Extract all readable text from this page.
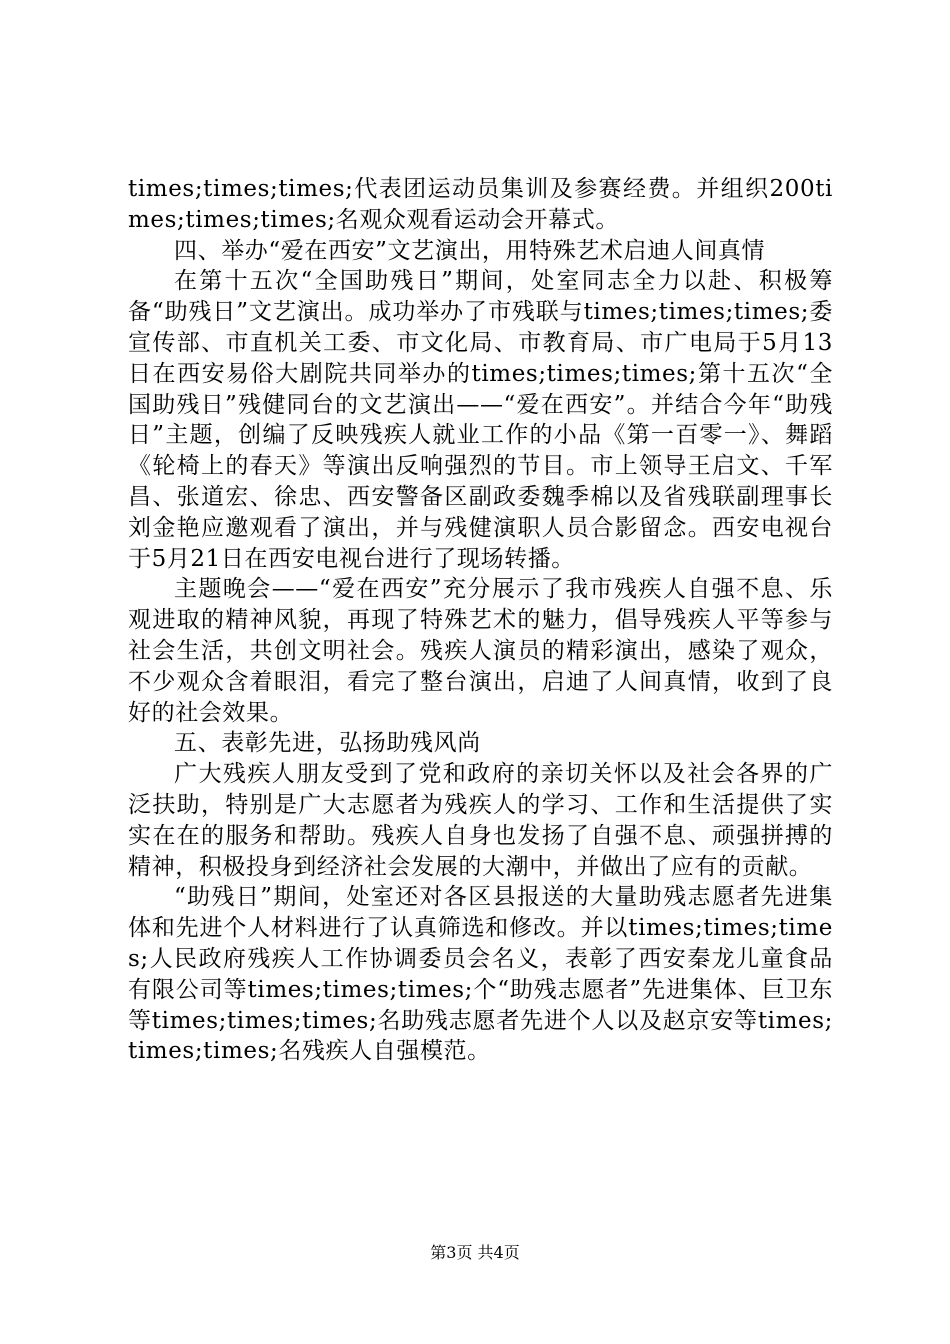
times;times;times;代表团运动员集训及参赛经费。并组织200times;times;times;名观众观看运动会开幕式。

四、举办“爱在西安”文艺演出，用特殊艺术启迪人间真情

在第十五次“全国助残日”期间，处室同志全力以赴、积极筹备“助残日”文艺演出。成功举办了市残联与times;times;times;委宣传部、市直机关工委、市文化局、市教育局、市广电局于5月13日在西安易俗大剧院共同举办的times;times;times;第十五次“全国助残日”残健同台的文艺演出——“爱在西安”。并结合今年“助残日”主题，创编了反映残疾人就业工作的小品《第一百零一》、舞蹈《轮椅上的春天》等演出反响强烈的节目。市上领导王启文、千军昌、张道宏、徐忠、西安警备区副政委魏季棉以及省残联副理事长刘金艳应邀观看了演出，并与残健演职人员合影留念。西安电视台于5月21日在西安电视台进行了现场转播。

主题晚会——“爱在西安”充分展示了我市残疾人自强不息、乐观进取的精神风貌，再现了特殊艺术的魅力，倡导残疾人平等参与社会生活，共创文明社会。残疾人演员的精彩演出，感染了观众，不少观众含着眼泪，看完了整台演出，启迪了人间真情，收到了良好的社会效果。

五、表彰先进，弘扬助残风尚

广大残疾人朋友受到了党和政府的亲切关怀以及社会各界的广泛扶助，特别是广大志愿者为残疾人的学习、工作和生活提供了实实在在的服务和帮助。残疾人自身也发扬了自强不息、顽强拼搏的精神，积极投身到经济社会发展的大潮中，并做出了应有的贡献。

“助残日”期间，处室还对各区县报送的大量助残志愿者先进集体和先进个人材料进行了认真筛选和修改。并以times;times;times;人民政府残疾人工作协调委员会名义，表彰了西安秦龙儿童食品有限公司等times;times;times;个“助残志愿者”先进集体、巨卫东等times;times;times;名助残志愿者先进个人以及赵京安等times;times;times;名残疾人自强模范。

第3页 共4页
